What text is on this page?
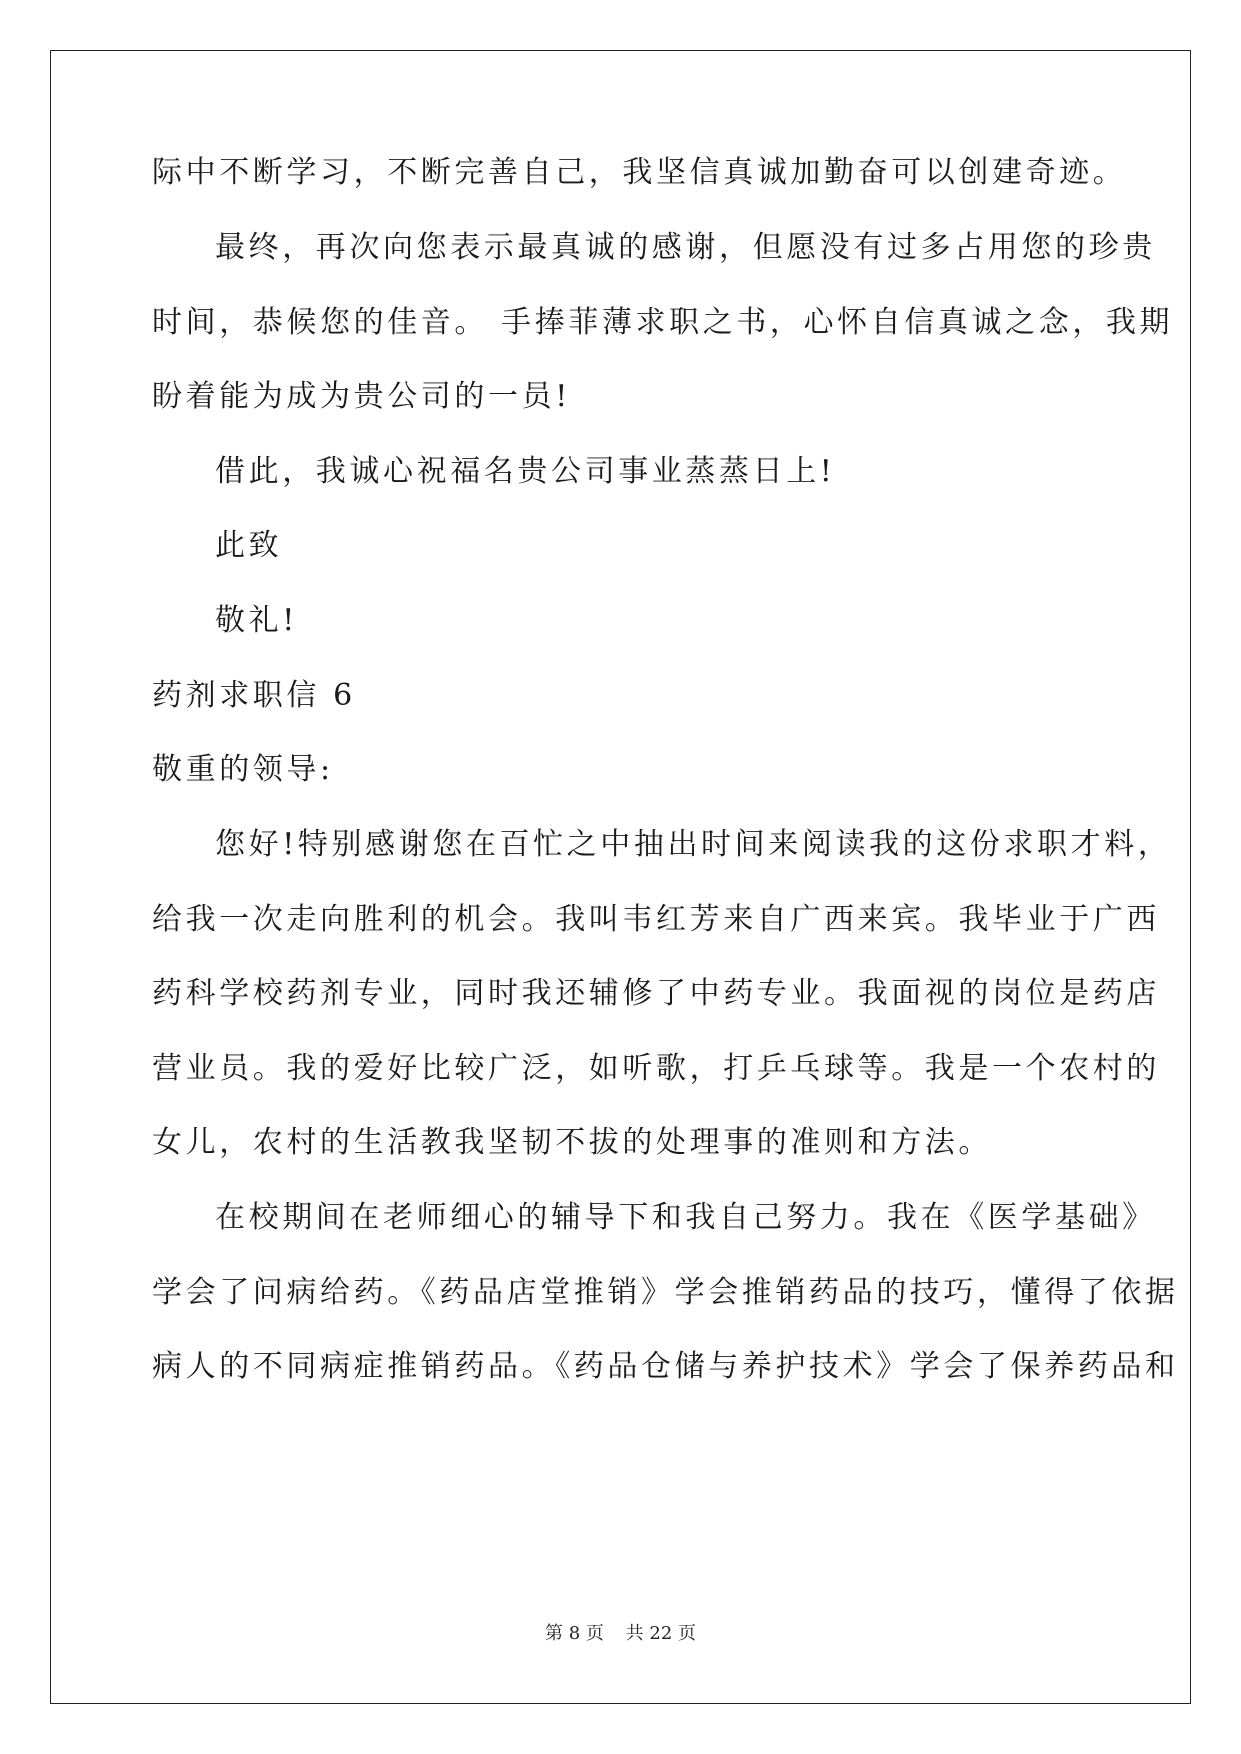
际中不断学习，不断完善自己，我坚信真诚加勤奋可以创建奇迹。
最终，再次向您表示最真诚的感谢，但愿没有过多占用您的珍贵
时间，恭候您的佳音。 手捧菲薄求职之书，心怀自信真诚之念，我期
盼着能为成为贵公司的一员!
借此，我诚心祝福名贵公司事业蒸蒸日上!
此致
敬礼!
药剂求职信 6
敬重的领导:
您好!特别感谢您在百忙之中抽出时间来阅读我的这份求职才料，
给我一次走向胜利的机会。我叫韦红芳来自广西来宾。我毕业于广西
药科学校药剂专业，同时我还辅修了中药专业。我面视的岗位是药店
营业员。我的爱好比较广泛，如听歌，打乒乓球等。我是一个农村的
女儿，农村的生活教我坚韧不拔的处理事的准则和方法。
在校期间在老师细心的辅导下和我自己努力。我在《医学基础》
学会了问病给药。《药品店堂推销》学会推销药品的技巧，懂得了依据
病人的不同病症推销药品。《药品仓储与养护技术》学会了保养药品和
第 8 页 共 22 页
